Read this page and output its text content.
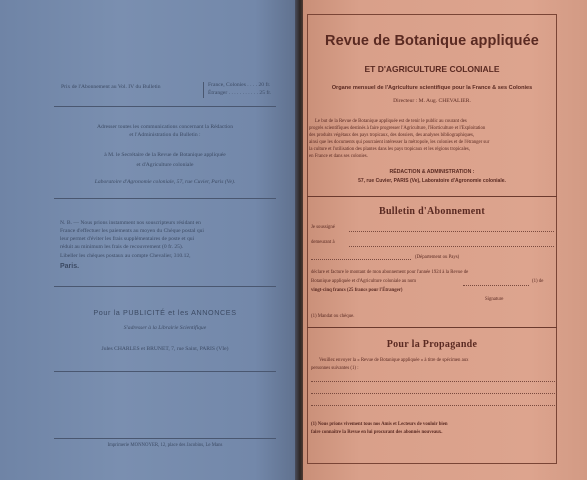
Prix de l'Abonnement au Vol. IV du Bulletin	France, Colonies . . . . 20 fr.
Étranger . . . . . . . . . . . 25 fr.
Adresser toutes les communications concernant la Rédaction
et l'Administration du Bulletin :
à M. le Secrétaire de la Revue de Botanique appliquée
et d'Agriculture coloniale
Laboratoire d'Agronomie coloniale, 57, rue Cuvier, Paris (Ve).
N. B. — Nous prions instamment nos souscripteurs résidant en
France d'effectuer les paiements au moyen du Chèque postal qui
leur permet d'éviter les frais supplémentaires de poste et qui
réduit au minimum les frais de recouvrement (0 fr. 25).
Libeller les chèques postaux au compte Chevalier, 310.12,
Paris.
Pour la PUBLICITÉ et les ANNONCES
S'adresser à la Librairie Scientifique
Jules CHARLES et BRUNET, 7, rue Saint, PARIS (VIe)
Imprimerie MONNOYER, 12, place des Jacobins, Le Mans
Revue de Botanique appliquée
ET D'AGRICULTURE COLONIALE
Organe mensuel de l'Agriculture scientifique pour la France & ses Colonies
Directeur : M. Aug. CHEVALIER.
Le but de la Revue de Botanique appliquée est de tenir le public au courant des
progrès scientifiques destinés à faire progresser l'Agriculture, l'Horticulture et l'Exploitation
des produits végétaux des pays tropicaux, des dossiers, des analyses bibliographiques,
ainsi que les documents qui pourraient intéresser la métropole, les colonies et de l'étranger sur
la culture et l'utilisation des plantes dans les pays tropicaux et les régions tropicales,
en France et dans ses colonies.
RÉDACTION & ADMINISTRATION :
57, rue Cuvier, PARIS (Ve), Laboratoire d'Agronomie coloniale.
Bulletin d'Abonnement
Je soussigné
demeurant à
(Département ou Pays)
déclare et facture le montant de mon abonnement pour l'année 1924 à la Revue de
Botanique appliquée et d'Agriculture coloniale au nom	(1) de
vingt-cinq francs (25 francs pour l'Étranger)
Signature
(1) Mandat ou chèque.
Pour la Propagande
Veuillez envoyer la « Revue de Botanique appliquée » à titre de spécimen aux
personnes suivantes (1) :
(1) Nous prions vivement tous nos Amis et Lecteurs de vouloir bien
faire connaître la Revue en lui procurant des abonnés nouveaux.
